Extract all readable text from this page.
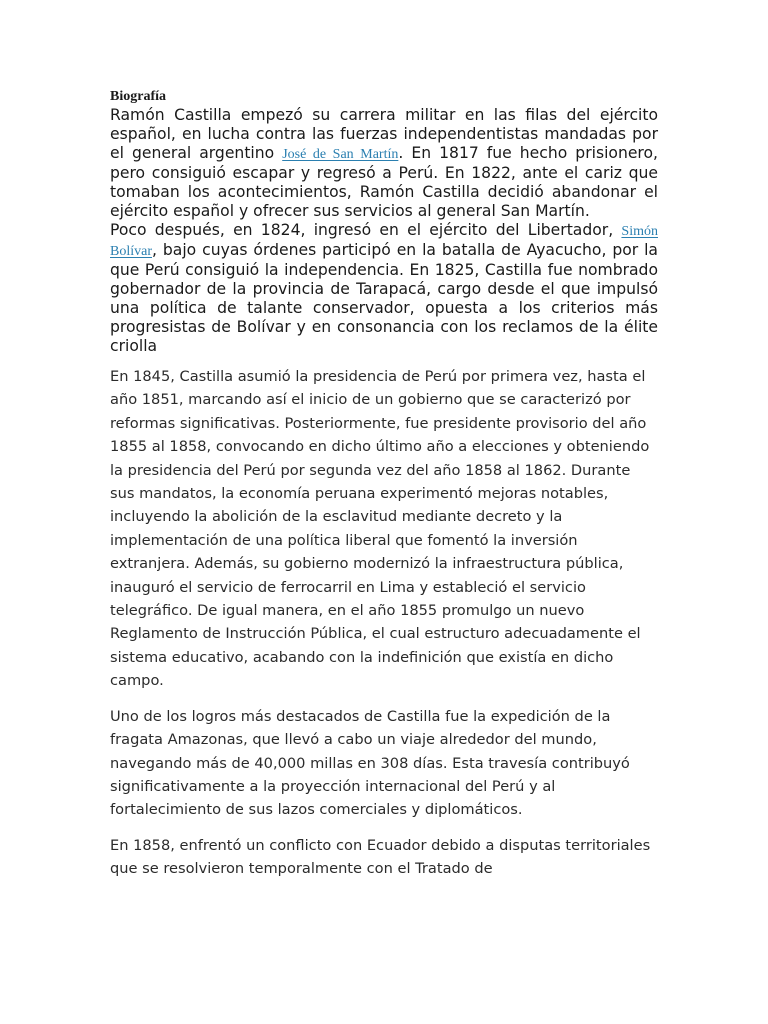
Biografía

Ramón Castilla empezó su carrera militar en las filas del ejército español, en lucha contra las fuerzas independentistas mandadas por el general argentino José de San Martín. En 1817 fue hecho prisionero, pero consiguió escapar y regresó a Perú. En 1822, ante el cariz que tomaban los acontecimientos, Ramón Castilla decidió abandonar el ejército español y ofrecer sus servicios al general San Martín.

Poco después, en 1824, ingresó en el ejército del Libertador, Simón Bolívar, bajo cuyas órdenes participó en la batalla de Ayacucho, por la que Perú consiguió la independencia. En 1825, Castilla fue nombrado gobernador de la provincia de Tarapacá, cargo desde el que impulsó una política de talante conservador, opuesta a los criterios más progresistas de Bolívar y en consonancia con los reclamos de la élite criolla

En 1845, Castilla asumió la presidencia de Perú por primera vez, hasta el año 1851, marcando así el inicio de un gobierno que se caracterizó por reformas significativas. Posteriormente, fue presidente provisorio del año 1855 al 1858, convocando en dicho último año a elecciones y obteniendo la presidencia del Perú por segunda vez del año 1858 al 1862. Durante sus mandatos, la economía peruana experimentó mejoras notables, incluyendo la abolición de la esclavitud mediante decreto y la implementación de una política liberal que fomentó la inversión extranjera. Además, su gobierno modernizó la infraestructura pública, inauguró el servicio de ferrocarril en Lima y estableció el servicio telegráfico. De igual manera, en el año 1855 promulgo un nuevo Reglamento de Instrucción Pública, el cual estructuro adecuadamente el sistema educativo, acabando con la indefinición que existía en dicho campo.

Uno de los logros más destacados de Castilla fue la expedición de la fragata Amazonas, que llevó a cabo un viaje alrededor del mundo, navegando más de 40,000 millas en 308 días. Esta travesía contribuyó significativamente a la proyección internacional del Perú y al fortalecimiento de sus lazos comerciales y diplomáticos.

En 1858, enfrentó un conflicto con Ecuador debido a disputas territoriales que se resolvieron temporalmente con el Tratado de
